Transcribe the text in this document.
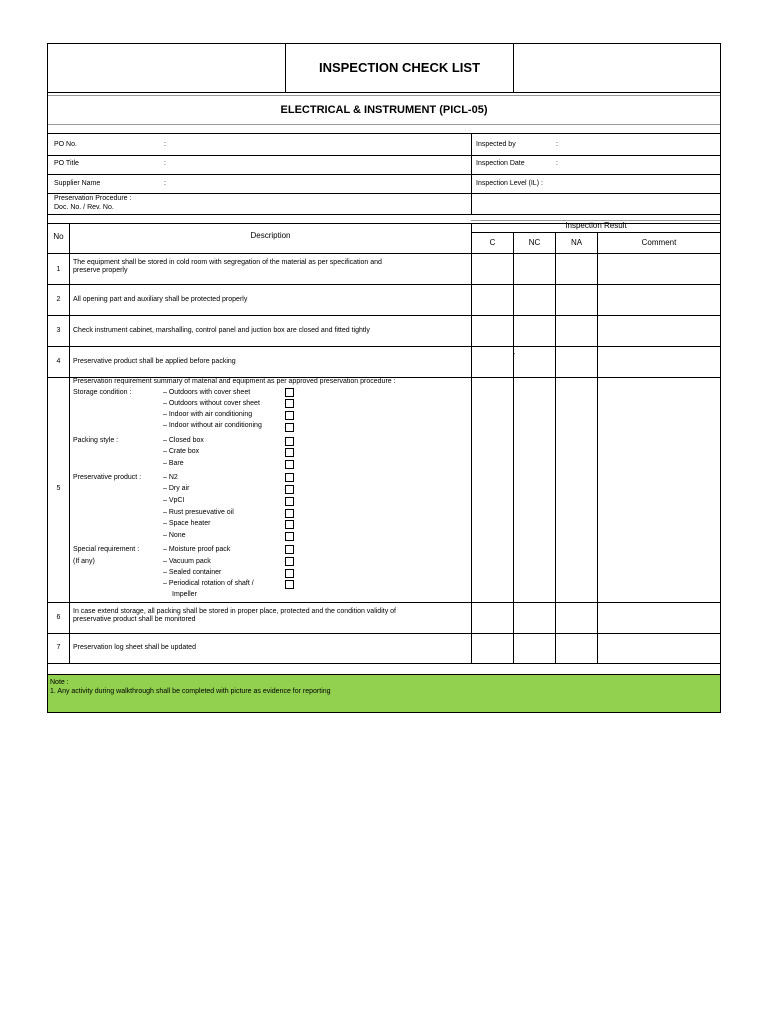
INSPECTION CHECK LIST
ELECTRICAL & INSTRUMENT (PICL-05)
PO No.	:
PO Title	:
Supplier Name	:
Preservation Procedure :
Doc. No. / Rev. No.
Inspected by	:
Inspection Date	:
Inspection Level (IL) :
No	Description
Inspection Result
C	NC	NA	Comment
1
The equipment shall be stored in cold room with segregation of the material as per specification and
preserve properly
2	All opening part and auxiliary shall be protected properly
3	Check instrument cabinet, marshalling, control panel and juction box are closed and fitted tightly
4	Preservative product shall be applied before packing
-
5
Preservation requirement summary of material and equipment as per approved preservation procedure :
Storage condition :	– Outdoors with cover sheet
– Outdoors without cover sheet
– Indoor with air conditioning
– Indoor without air conditioning
Packing style :	– Closed box
– Crate box
– Bare
Preservative product :	– N2
– Dry air
– VpCI
– Rust presuevative oil
– Space heater
– None
Special requirement :
(If any)
– Moisture proof pack
– Vacuum pack
– Sealed container
– Periodical rotation of shaft /
Impeller
6
In case extend storage, all packing shall be stored in proper place, protected and the condition validity of
preservative product shall be monitored
7	Preservation log sheet shall be updated
Note :
1. Any activity during walkthrough shall be completed with picture as evidence for reporting
